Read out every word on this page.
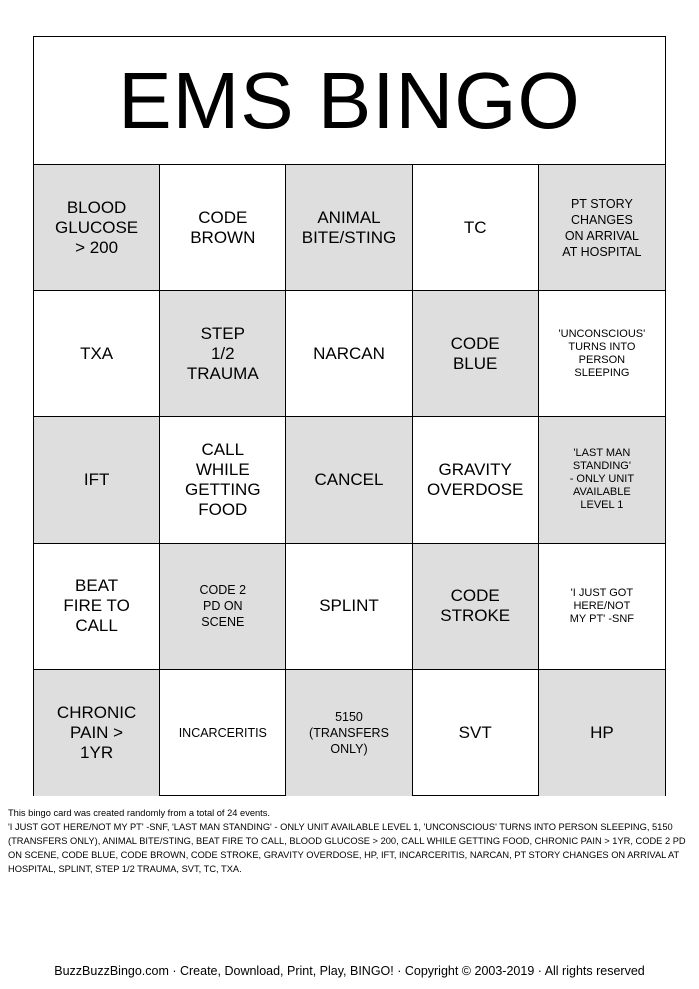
EMS BINGO
BLOOD
GLUCOSE
> 200
CODE
BROWN
ANIMAL
BITE/STING
TC
PT STORY
CHANGES
ON ARRIVAL
AT HOSPITAL
TXA
STEP
1/2
TRAUMA
NARCAN
CODE
BLUE
'UNCONSCIOUS'
TURNS INTO
PERSON
SLEEPING
IFT
CALL
WHILE
GETTING
FOOD
CANCEL
GRAVITY
OVERDOSE
'LAST MAN
STANDING'
- ONLY UNIT
AVAILABLE
LEVEL 1
BEAT
FIRE TO
CALL
CODE 2
PD ON
SCENE
SPLINT
CODE
STROKE
'I JUST GOT
HERE/NOT
MY PT' -SNF
CHRONIC
PAIN >
1YR
INCARCERITIS
5150
(TRANSFERS
ONLY)
SVT	HP
This bingo card was created randomly from a total of 24 events.
'I JUST GOT HERE/NOT MY PT' -SNF, 'LAST MAN STANDING' - ONLY UNIT AVAILABLE LEVEL 1, 'UNCONSCIOUS' TURNS INTO PERSON SLEEPING, 5150 (TRANSFERS ONLY), ANIMAL BITE/STING, BEAT FIRE TO CALL, BLOOD GLUCOSE > 200, CALL WHILE GETTING FOOD, CHRONIC PAIN > 1YR, CODE 2 PD ON SCENE, CODE BLUE, CODE BROWN, CODE STROKE, GRAVITY OVERDOSE, HP, IFT, INCARCERITIS, NARCAN, PT STORY CHANGES ON ARRIVAL AT HOSPITAL, SPLINT, STEP 1/2 TRAUMA, SVT, TC, TXA.
BuzzBuzzBingo.com · Create, Download, Print, Play, BINGO! · Copyright © 2003-2019 · All rights reserved
